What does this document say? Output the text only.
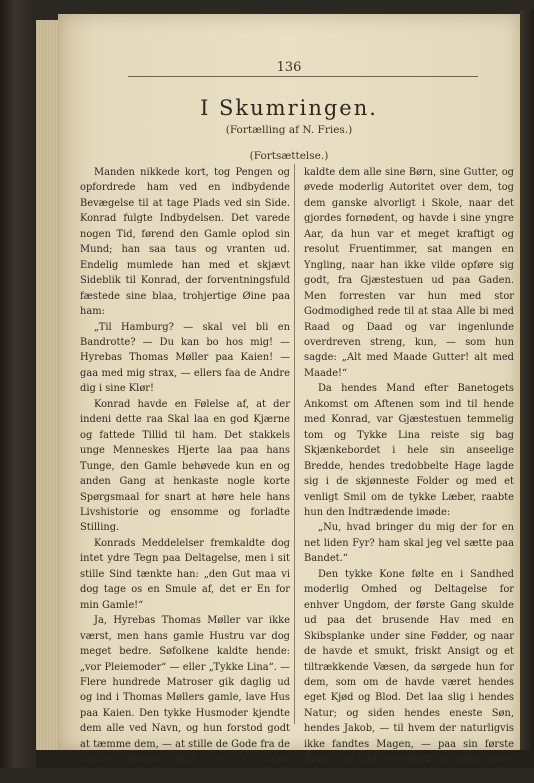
136
I Skumringen.
(Fortælling af N. Fries.)
(Fortsættelse.)

Manden nikkede kort, tog Pengen og opfordrede ham ved en indbydende Bevægelse til at tage Plads ved sin Side. Konrad fulgte Indbydelsen. Det varede nogen Tid, førend den Gamle oplod sin Mund; han saa taus og vranten ud. Endelig mumlede han med et skjævt Sideblik til Konrad, der forventningsfuld fæstede sine blaa, trohjertige Øine paa ham:

„Til Hamburg? — skal vel bli en Bandrotte? — Du kan bo hos mig! — Hyrebas Thomas Møller paa Kaien! — gaa med mig strax, — ellers faa de Andre dig i sine Klør!

Konrad havde en Følelse af, at der indeni dette raa Skal laa en god Kjærne og fattede Tillid til ham. Det stakkels unge Menneskes Hjerte laa paa hans Tunge, den Gamle behøvede kun en og anden Gang at henkaste nogle korte Spørgsmaal for snart at høre hele hans Livshistorie og ensomme og forladte Stilling.

Konrads Meddelelser fremkaldte dog intet ydre Tegn paa Deltagelse, men i sit stille Sind tænkte han: „den Gut maa vi dog tage os en Smule af, det er En for min Gamle!“

Ja, Hyrebas Thomas Møller var ikke værst, men hans gamle Hustru var dog meget bedre. Søfolkene kaldte hende: „vor Pleiemoder“ — eller „Tykke Lina“. — Flere hundrede Matroser gik daglig ud og ind i Thomas Møllers gamle, lave Hus paa Kaien. Den tykke Husmoder kjendte dem alle ved Navn, og hun forstod godt at tæmme dem, — at stille de Gode fra de Slette; hendes Blik var i denne Henseende ubedrageligt. Hun

kaldte dem alle sine Børn, sine Gutter, og øvede moderlig Autoritet over dem, tog dem ganske alvorligt i Skole, naar det gjordes fornødent, og havde i sine yngre Aar, da hun var et meget kraftigt og resolut Fruentimmer, sat mangen en Yngling, naar han ikke vilde opføre sig godt, fra Gjæstestuen ud paa Gaden. Men forresten var hun med stor Godmodighed rede til at staa Alle bi med Raad og Daad og var ingenlunde overdreven streng, kun, — som hun sagde: „Alt med Maade Gutter! alt med Maade!“

Da hendes Mand efter Banetogets Ankomst om Aftenen som ind til hende med Konrad, var Gjæstestuen temmelig tom og Tykke Lina reiste sig bag Skjænkebordet i hele sin anseelige Bredde, hendes tredobbelte Hage lagde sig i de skjønneste Folder og med et venligt Smil om de tykke Læber, raabte hun den Indtrædende imøde:

„Nu, hvad bringer du mig der for en net liden Fyr? ham skal jeg vel sætte paa Bandet.“

Den tykke Kone følte en i Sandhed moderlig Omhed og Deltagelse for enhver Ungdom, der første Gang skulde ud paa det brusende Hav med en Skibsplanke under sine Fødder, og naar de havde et smukt, friskt Ansigt og et tiltrækkende Væsen, da sørgede hun for dem, som om de havde været hendes eget Kjød og Blod. Det laa slig i hendes Natur; og siden hendes eneste Søn, hendes Jakob, — til hvem der naturligvis ikke fandtes Magen, — paa sin første Reise var faldt overbord og aldrig mere som tilbage, — havde hun overført sine
